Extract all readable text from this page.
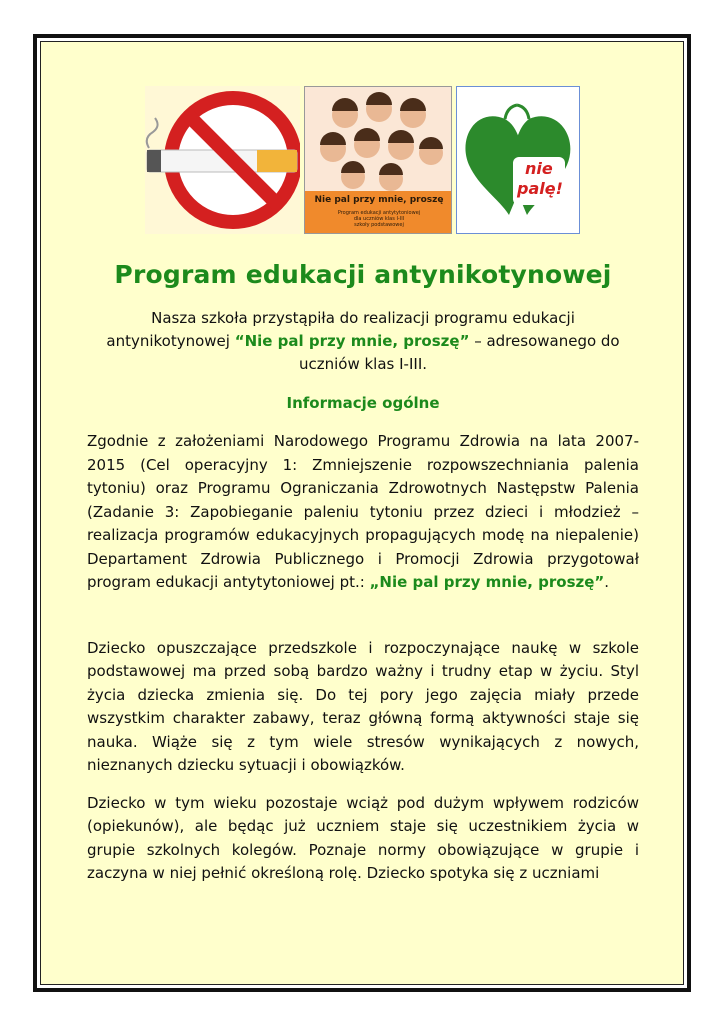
Nie pal przy mnie, proszę
Program edukacji antytytoniowej
dla uczniów klas I-III
szkoły podstawowej
nie
palę!
Program edukacji antynikotynowej
Nasza szkoła przystąpiła do realizacji programu edukacji antynikotynowej “Nie pal przy mnie, proszę” – adresowanego do uczniów klas I-III.
Informacje ogólne
Zgodnie z założeniami Narodowego Programu Zdrowia na lata 2007-2015 (Cel operacyjny 1: Zmniejszenie rozpowszechniania palenia tytoniu) oraz Programu Ograniczania Zdrowotnych Następstw Palenia (Zadanie 3: Zapobieganie paleniu tytoniu przez dzieci i młodzież – realizacja programów edukacyjnych propagujących modę na niepalenie) Departament Zdrowia Publicznego i Promocji Zdrowia przygotował program edukacji antytytoniowej pt.: „Nie pal przy mnie, proszę”.
Dziecko opuszczające przedszkole i rozpoczynające naukę w szkole podstawowej ma przed sobą bardzo ważny i trudny etap w życiu. Styl życia dziecka zmienia się. Do tej pory jego zajęcia miały przede wszystkim charakter zabawy, teraz główną formą aktywności staje się nauka. Wiąże się z tym wiele stresów wynikających z nowych, nieznanych dziecku sytuacji i obowiązków.
Dziecko w tym wieku pozostaje wciąż pod dużym wpływem rodziców (opiekunów), ale będąc już uczniem staje się uczestnikiem życia w grupie szkolnych kolegów. Poznaje normy obowiązujące w grupie i zaczyna w niej pełnić określoną rolę. Dziecko spotyka się z uczniami
